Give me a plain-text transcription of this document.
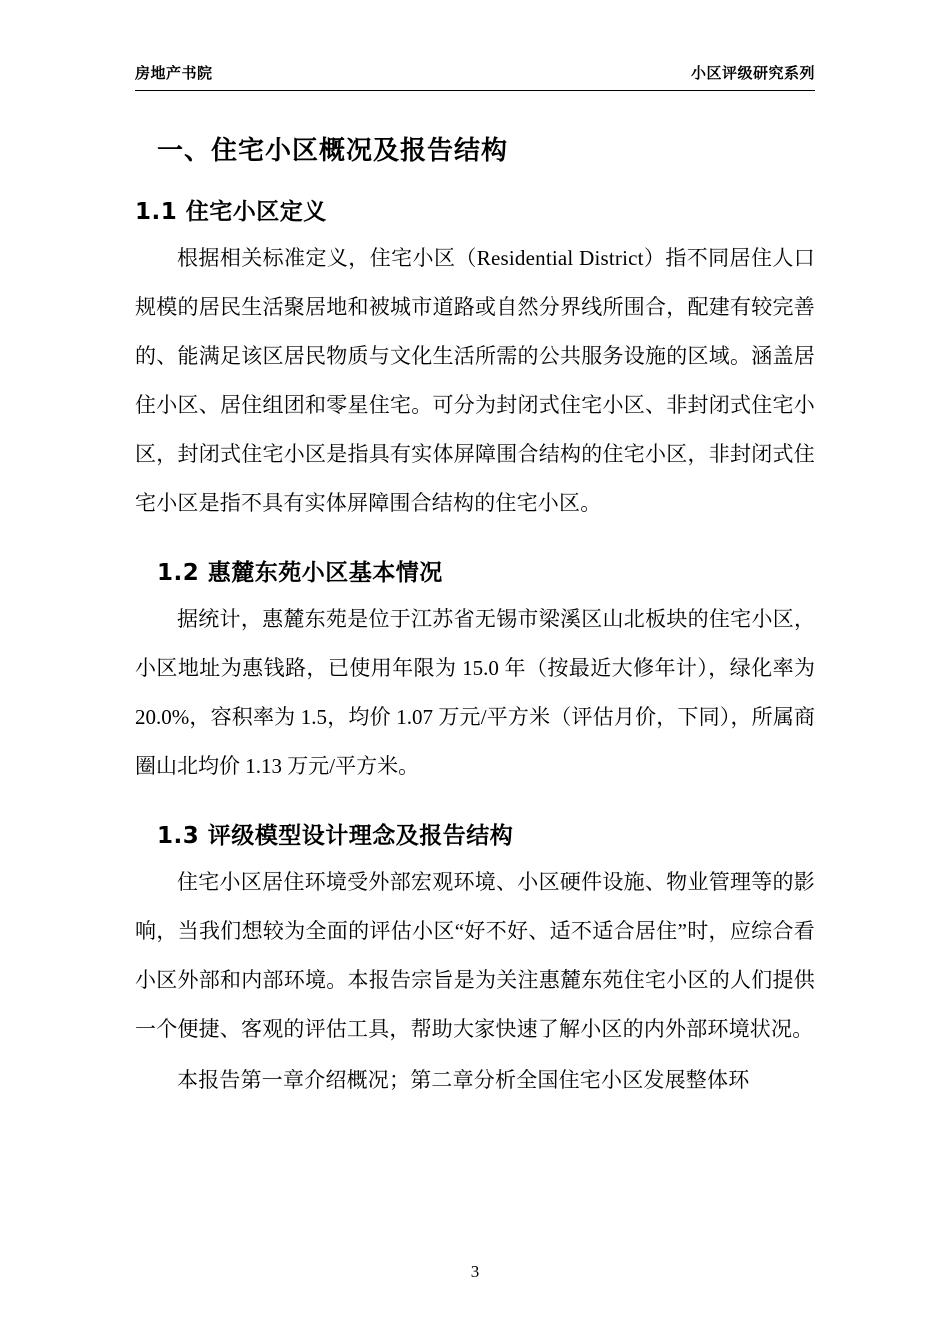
房地产书院	小区评级研究系列
一、住宅小区概况及报告结构
1.1 住宅小区定义

根据相关标准定义，住宅小区（Residential District）指不同居住人口规模的居民生活聚居地和被城市道路或自然分界线所围合，配建有较完善的、能满足该区居民物质与文化生活所需的公共服务设施的区域。涵盖居住小区、居住组团和零星住宅。可分为封闭式住宅小区、非封闭式住宅小区，封闭式住宅小区是指具有实体屏障围合结构的住宅小区，非封闭式住宅小区是指不具有实体屏障围合结构的住宅小区。

1.2 惠麓东苑小区基本情况

据统计，惠麓东苑是位于江苏省无锡市梁溪区山北板块的住宅小区，小区地址为惠钱路，已使用年限为 15.0 年（按最近大修年计），绿化率为 20.0%，容积率为 1.5，均价 1.07 万元/平方米（评估月价，下同），所属商圈山北均价 1.13 万元/平方米。

1.3 评级模型设计理念及报告结构

住宅小区居住环境受外部宏观环境、小区硬件设施、物业管理等的影响，当我们想较为全面的评估小区“好不好、适不适合居住”时，应综合看小区外部和内部环境。本报告宗旨是为关注惠麓东苑住宅小区的人们提供一个便捷、客观的评估工具，帮助大家快速了解小区的内外部环境状况。

本报告第一章介绍概况；第二章分析全国住宅小区发展整体环

3
